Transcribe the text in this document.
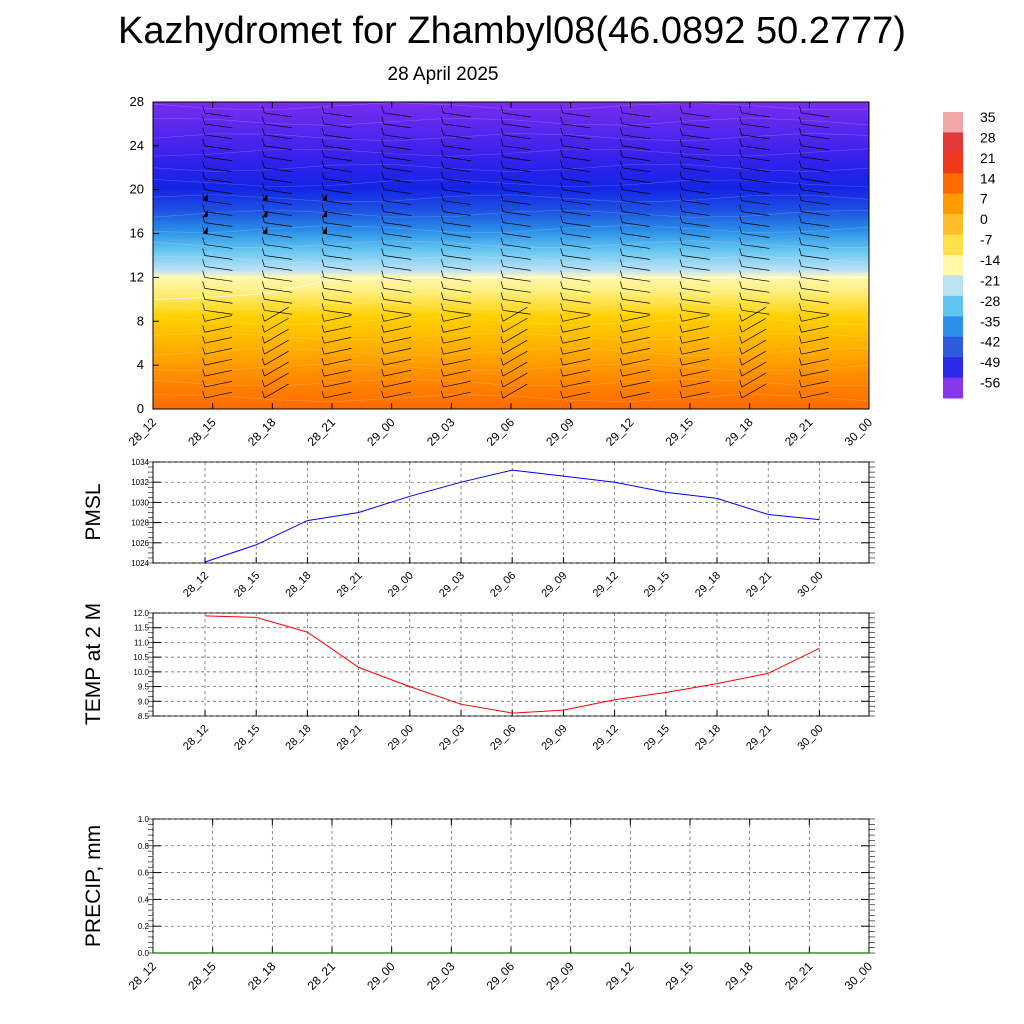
Kazhydromet for Zhambyl08(46.0892 50.2777)
28 April 2025
0
4
8
12
16
20
24
28
28_12 28_15 28_18 28_21 29_00 29_03 29_06 29_09 29_12 29_15 29_18 29_21 30_00
35
28
21
14
7
0
-7
-14
-21
-28
-35
-42
-49
-56
1024
1026
1028
1030
1032
1034
28_12 28_15 28_18 28_21 29_00 29_03 29_06 29_09 29_12 29_15 29_18 29_21 30_00
PMSL
8.5
9.0
9.5
10.0
10.5
11.0
11.5
12.0
28_12 28_15 28_18 28_21 29_00 29_03 29_06 29_09 29_12 29_15 29_18 29_21 30_00
TEMP at 2 M
0.0
0.2
0.4
0.6
0.8
1.0
28_12 28_15 28_18 28_21 29_00 29_03 29_06 29_09 29_12 29_15 29_18 29_21 30_00
PRECIP, mm
